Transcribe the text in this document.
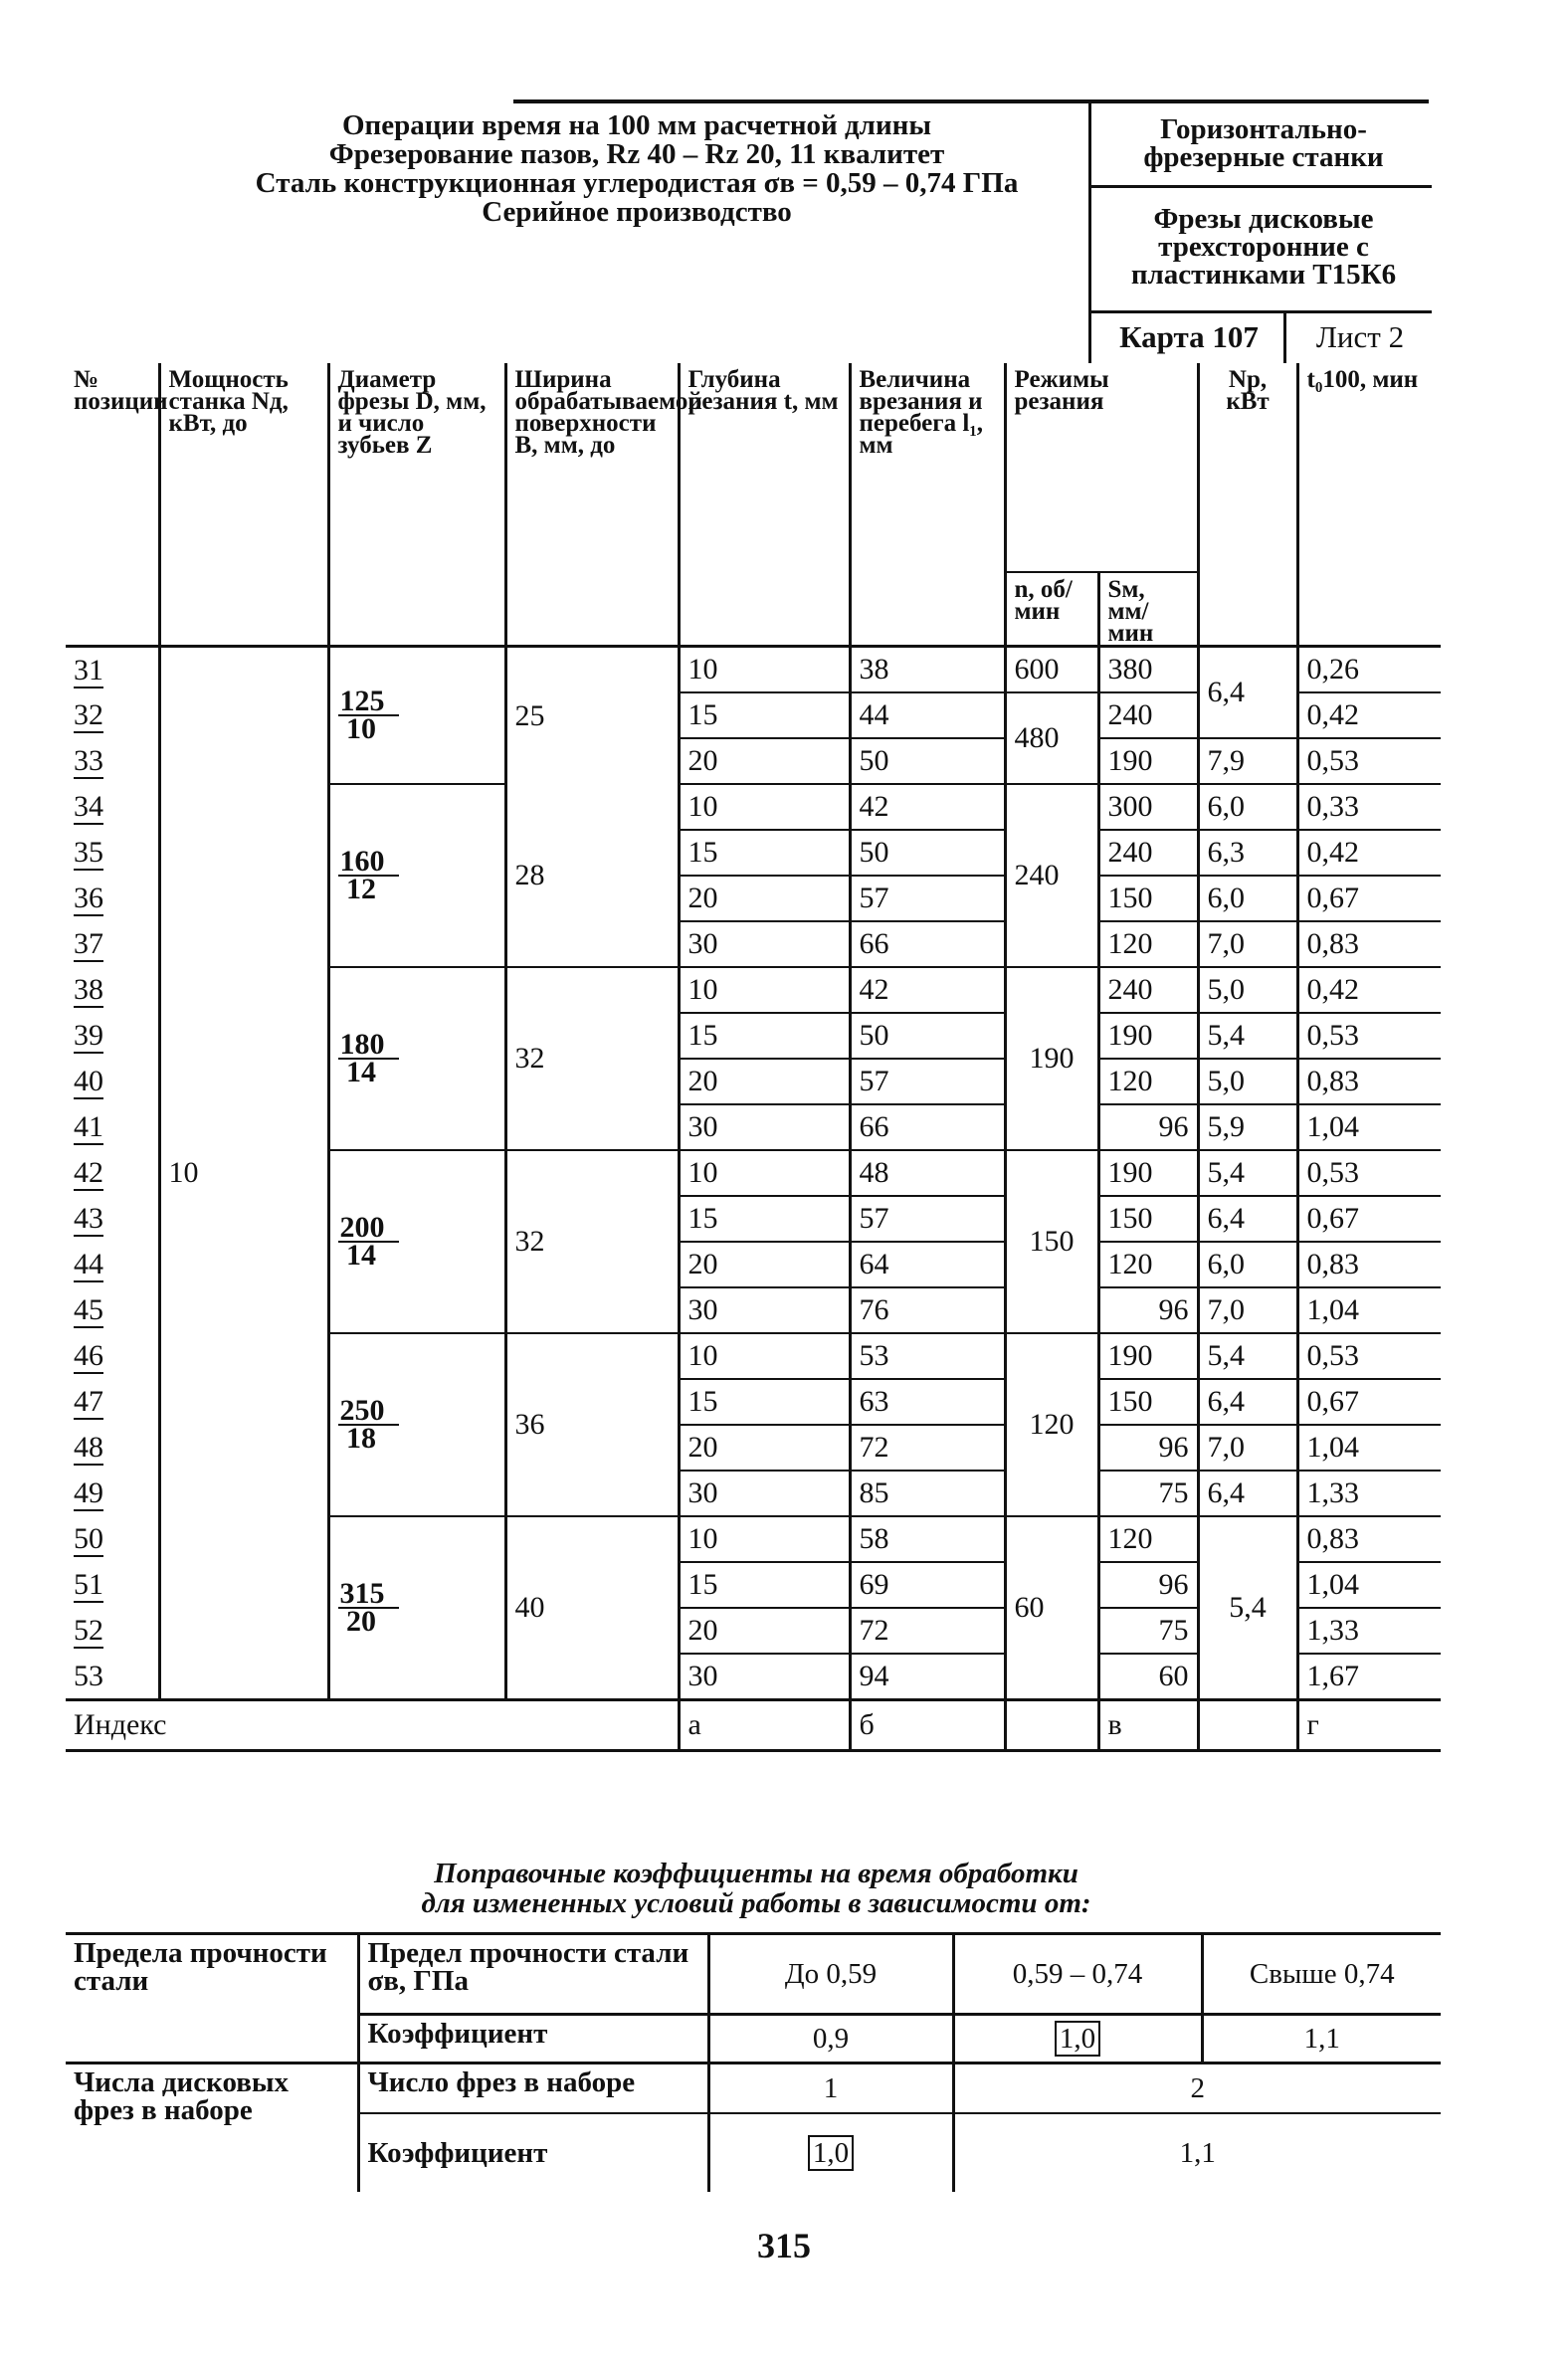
Операции время на 100 мм расчетной длины
Фрезерование пазов, Rz 40 – Rz 20, 11 квалитет
Сталь конструкционная углеродистая σв = 0,59 – 0,74 ГПа
Серийное производство
Горизонтально-фрезерные станки
Фрезы дисковые трехсторонние с пластинками Т15К6
Карта 107	Лист 2
№ позиции	Мощность станка Nд, кВт, до	Диаметр фрезы D, мм, и число зубьев Z	Ширина обрабатываемой поверхности B, мм, до	Глубина резания t, мм	Величина врезания и перебега l₁, мм	Режимы резания		Nр, кВт	t₀100, мин
						n, об/мин	Sм, мм/мин		
31	10	$\frac{125}{10}$	25	10	38	600	380	6,4	0,26
32				15	44	480	240		0,42
33				20	50		190	7,9	0,53
34		$\frac{160}{12}$	28	10	42	240	300	6,0	0,33
35				15	50		240	6,3	0,42
36				20	57		150	6,0	0,67
37				30	66		120	7,0	0,83
38		$\frac{180}{14}$	32	10	42	190	240	5,0	0,42
39				15	50		190	5,4	0,53
40				20	57		120	5,0	0,83
41				30	66		96	5,9	1,04
42		$\frac{200}{14}$	32	10	48	150	190	5,4	0,53
43				15	57		150	6,4	0,67
44				20	64		120	6,0	0,83
45				30	76		96	7,0	1,04
46		$\frac{250}{18}$	36	10	53	120	190	5,4	0,53
47				15	63		150	6,4	0,67
48				20	72		96	7,0	1,04
49				30	85		75	6,4	1,33
50		$\frac{315}{20}$	40	10	58	60	120	5,4	0,83
51				15	69		96		1,04
52				20	72		75		1,33
53				30	94		60		1,67
Индекс				а	б		в		г
Поправочные коэффициенты на время обработки
для измененных условий работы в зависимости от:
Предела прочности стали	Предел прочности стали σв, ГПа	До 0,59	0,59 – 0,74	Свыше 0,74
	Коэффициент	0,9	1,0	1,1
Числа дисковых фрез в наборе	Число фрез в наборе	1	2	
	Коэффициент	1,0	1,1	
315
